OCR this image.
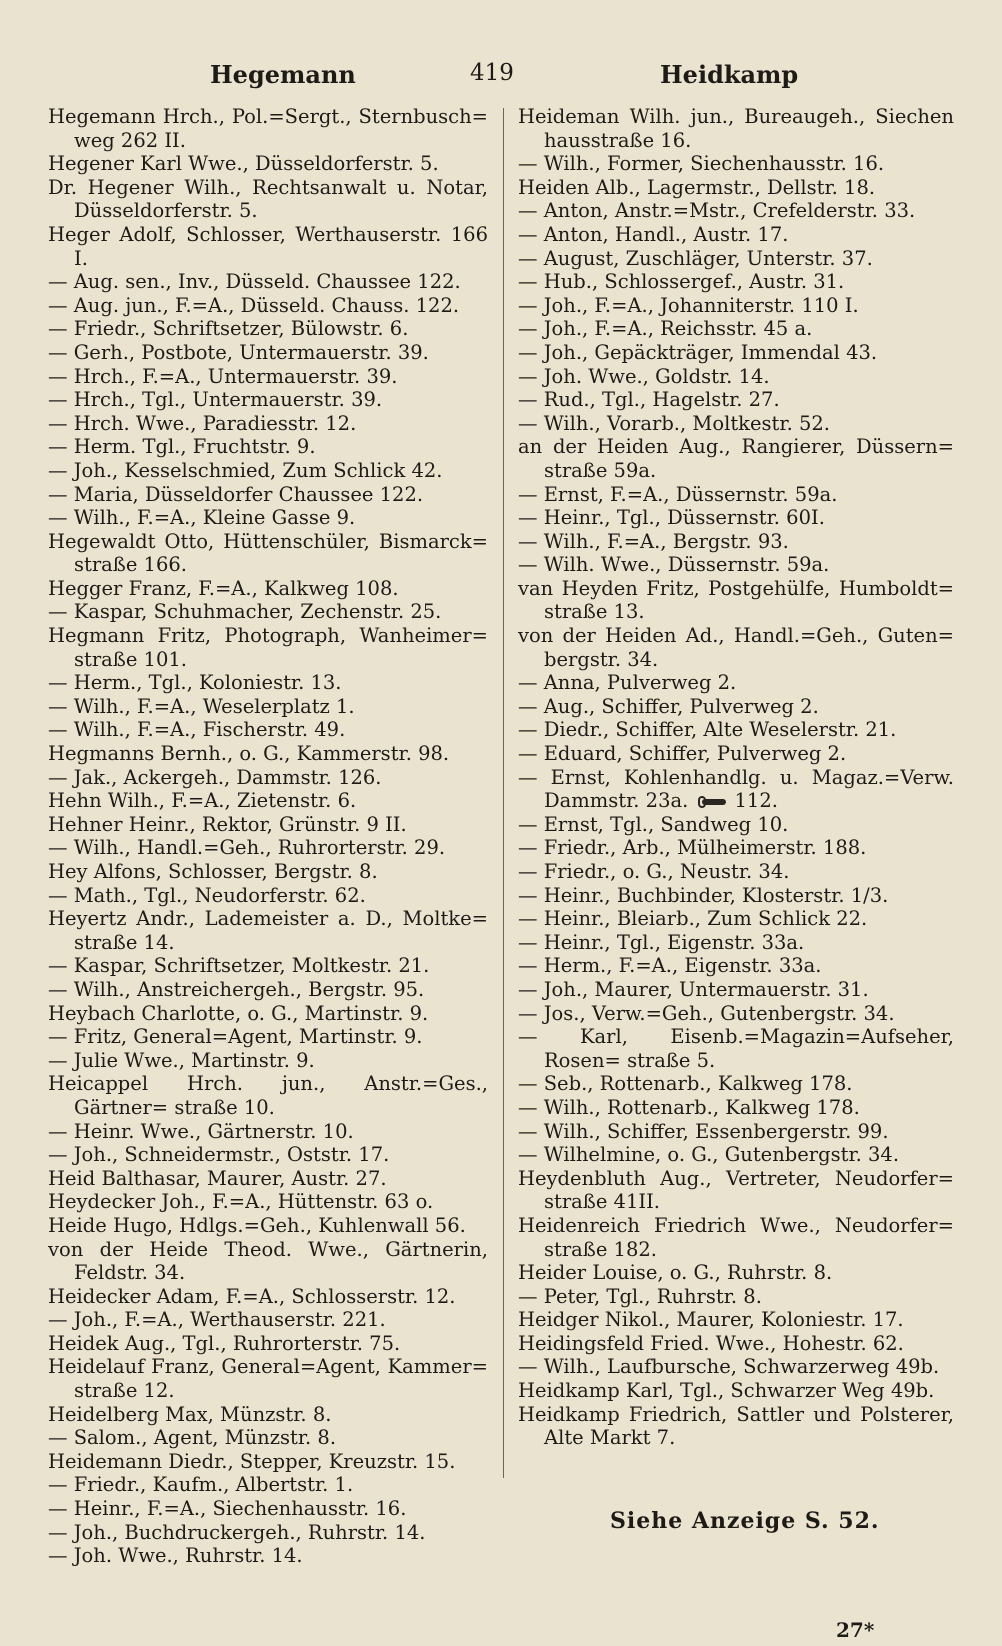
Hegemann	419	Heidkamp
Hegemann Hrch., Pol.=Sergt., Sternbusch= weg 262 II.
Hegener Karl Wwe., Düsseldorferstr. 5.
Dr. Hegener Wilh., Rechtsanwalt u. Notar, Düsseldorferstr. 5.
Heger Adolf, Schlosser, Werthauserstr. 166 I.
— Aug. sen., Inv., Düsseld. Chaussee 122.
— Aug. jun., F.=A., Düsseld. Chauss. 122.
— Friedr., Schriftsetzer, Bülowstr. 6.
— Gerh., Postbote, Untermauerstr. 39.
— Hrch., F.=A., Untermauerstr. 39.
— Hrch., Tgl., Untermauerstr. 39.
— Hrch. Wwe., Paradiesstr. 12.
— Herm. Tgl., Fruchtstr. 9.
— Joh., Kesselschmied, Zum Schlick 42.
— Maria, Düsseldorfer Chaussee 122.
— Wilh., F.=A., Kleine Gasse 9.
Hegewaldt Otto, Hüttenschüler, Bismarck= straße 166.
Hegger Franz, F.=A., Kalkweg 108.
— Kaspar, Schuhmacher, Zechenstr. 25.
Hegmann Fritz, Photograph, Wanheimer= straße 101.
— Herm., Tgl., Koloniestr. 13.
— Wilh., F.=A., Weselerplatz 1.
— Wilh., F.=A., Fischerstr. 49.
Hegmanns Bernh., o. G., Kammerstr. 98.
— Jak., Ackergeh., Dammstr. 126.
Hehn Wilh., F.=A., Zietenstr. 6.
Hehner Heinr., Rektor, Grünstr. 9 II.
— Wilh., Handl.=Geh., Ruhrorterstr. 29.
Hey Alfons, Schlosser, Bergstr. 8.
— Math., Tgl., Neudorferstr. 62.
Heyertz Andr., Lademeister a. D., Moltke= straße 14.
— Kaspar, Schriftsetzer, Moltkestr. 21.
— Wilh., Anstreichergeh., Bergstr. 95.
Heybach Charlotte, o. G., Martinstr. 9.
— Fritz, General=Agent, Martinstr. 9.
— Julie Wwe., Martinstr. 9.
Heicappel Hrch. jun., Anstr.=Ges., Gärtner= straße 10.
— Heinr. Wwe., Gärtnerstr. 10.
— Joh., Schneidermstr., Oststr. 17.
Heid Balthasar, Maurer, Austr. 27.
Heydecker Joh., F.=A., Hüttenstr. 63 o.
Heide Hugo, Hdlgs.=Geh., Kuhlenwall 56.
von der Heide Theod. Wwe., Gärtnerin, Feldstr. 34.
Heidecker Adam, F.=A., Schlosserstr. 12.
— Joh., F.=A., Werthauserstr. 221.
Heidek Aug., Tgl., Ruhrorterstr. 75.
Heidelauf Franz, General=Agent, Kammer= straße 12.
Heidelberg Max, Münzstr. 8.
— Salom., Agent, Münzstr. 8.
Heidemann Diedr., Stepper, Kreuzstr. 15.
— Friedr., Kaufm., Albertstr. 1.
— Heinr., F.=A., Siechenhausstr. 16.
— Joh., Buchdruckergeh., Ruhrstr. 14.
— Joh. Wwe., Ruhrstr. 14.
Heideman Wilh. jun., Bureaugeh., Siechen hausstraße 16.
— Wilh., Former, Siechenhausstr. 16.
Heiden Alb., Lagermstr., Dellstr. 18.
— Anton, Anstr.=Mstr., Crefelderstr. 33.
— Anton, Handl., Austr. 17.
— August, Zuschläger, Unterstr. 37.
— Hub., Schlossergef., Austr. 31.
— Joh., F.=A., Johanniterstr. 110 I.
— Joh., F.=A., Reichsstr. 45 a.
— Joh., Gepäckträger, Immendal 43.
— Joh. Wwe., Goldstr. 14.
— Rud., Tgl., Hagelstr. 27.
— Wilh., Vorarb., Moltkestr. 52.
an der Heiden Aug., Rangierer, Düssern= straße 59a.
— Ernst, F.=A., Düssernstr. 59a.
— Heinr., Tgl., Düssernstr. 60I.
— Wilh., F.=A., Bergstr. 93.
— Wilh. Wwe., Düssernstr. 59a.
van Heyden Fritz, Postgehülfe, Humboldt= straße 13.
von der Heiden Ad., Handl.=Geh., Guten= bergstr. 34.
— Anna, Pulverweg 2.
— Aug., Schiffer, Pulverweg 2.
— Diedr., Schiffer, Alte Weselerstr. 21.
— Eduard, Schiffer, Pulverweg 2.
— Ernst, Kohlenhandlg. u. Magaz.=Verw. Dammstr. 23a. 112.
— Ernst, Tgl., Sandweg 10.
— Friedr., Arb., Mülheimerstr. 188.
— Friedr., o. G., Neustr. 34.
— Heinr., Buchbinder, Klosterstr. 1/3.
— Heinr., Bleiarb., Zum Schlick 22.
— Heinr., Tgl., Eigenstr. 33a.
— Herm., F.=A., Eigenstr. 33a.
— Joh., Maurer, Untermauerstr. 31.
— Jos., Verw.=Geh., Gutenbergstr. 34.
— Karl, Eisenb.=Magazin=Aufseher, Rosen= straße 5.
— Seb., Rottenarb., Kalkweg 178.
— Wilh., Rottenarb., Kalkweg 178.
— Wilh., Schiffer, Essenbergerstr. 99.
— Wilhelmine, o. G., Gutenbergstr. 34.
Heydenbluth Aug., Vertreter, Neudorfer= straße 41II.
Heidenreich Friedrich Wwe., Neudorfer= straße 182.
Heider Louise, o. G., Ruhrstr. 8.
— Peter, Tgl., Ruhrstr. 8.
Heidger Nikol., Maurer, Koloniestr. 17.
Heidingsfeld Fried. Wwe., Hohestr. 62.
— Wilh., Laufbursche, Schwarzerweg 49b.
Heidkamp Karl, Tgl., Schwarzer Weg 49b.
Heidkamp Friedrich, Sattler und Polsterer, Alte Markt 7.
Siehe Anzeige S. 52.
27*
